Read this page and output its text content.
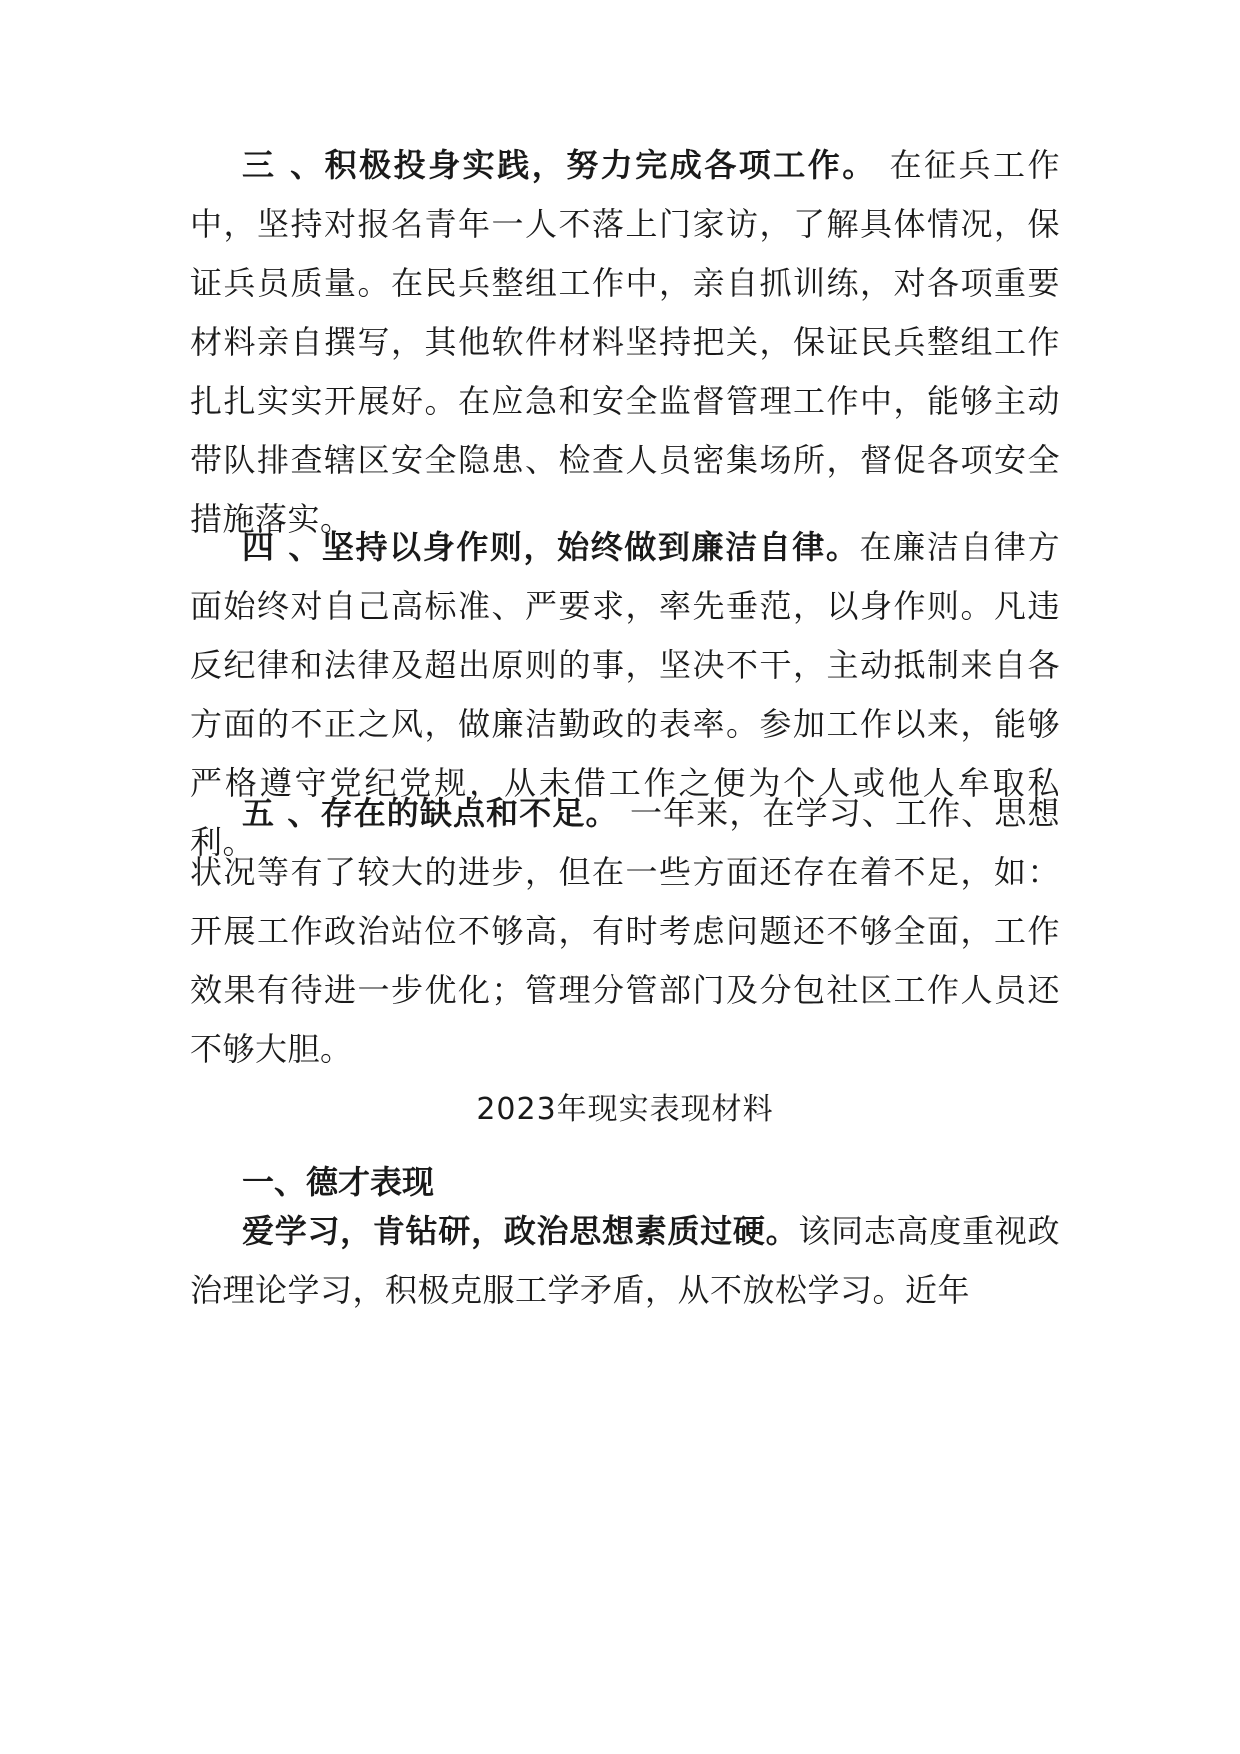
三 、积极投身实践，努力完成各项工作。 在征兵工作中，坚持对报名青年一人不落上门家访，了解具体情况，保证兵员质量。在民兵整组工作中，亲自抓训练，对各项重要材料亲自撰写，其他软件材料坚持把关，保证民兵整组工作扎扎实实开展好。在应急和安全监督管理工作中，能够主动带队排查辖区安全隐患、检查人员密集场所，督促各项安全措施落实。

四 、坚持以身作则，始终做到廉洁自律。在廉洁自律方面始终对自己高标准、严要求，率先垂范，以身作则。凡违反纪律和法律及超出原则的事，坚决不干，主动抵制来自各方面的不正之风，做廉洁勤政的表率。参加工作以来，能够严格遵守党纪党规，从未借工作之便为个人或他人牟取私利。

五 、存在的缺点和不足。 一年来，在学习、工作、思想状况等有了较大的进步，但在一些方面还存在着不足，如：开展工作政治站位不够高，有时考虑问题还不够全面，工作效果有待进一步优化；管理分管部门及分包社区工作人员还不够大胆。

2023年现实表现材料

一、德才表现

爱学习，肯钻研，政治思想素质过硬。该同志高度重视政治理论学习，积极克服工学矛盾，从不放松学习。近年
